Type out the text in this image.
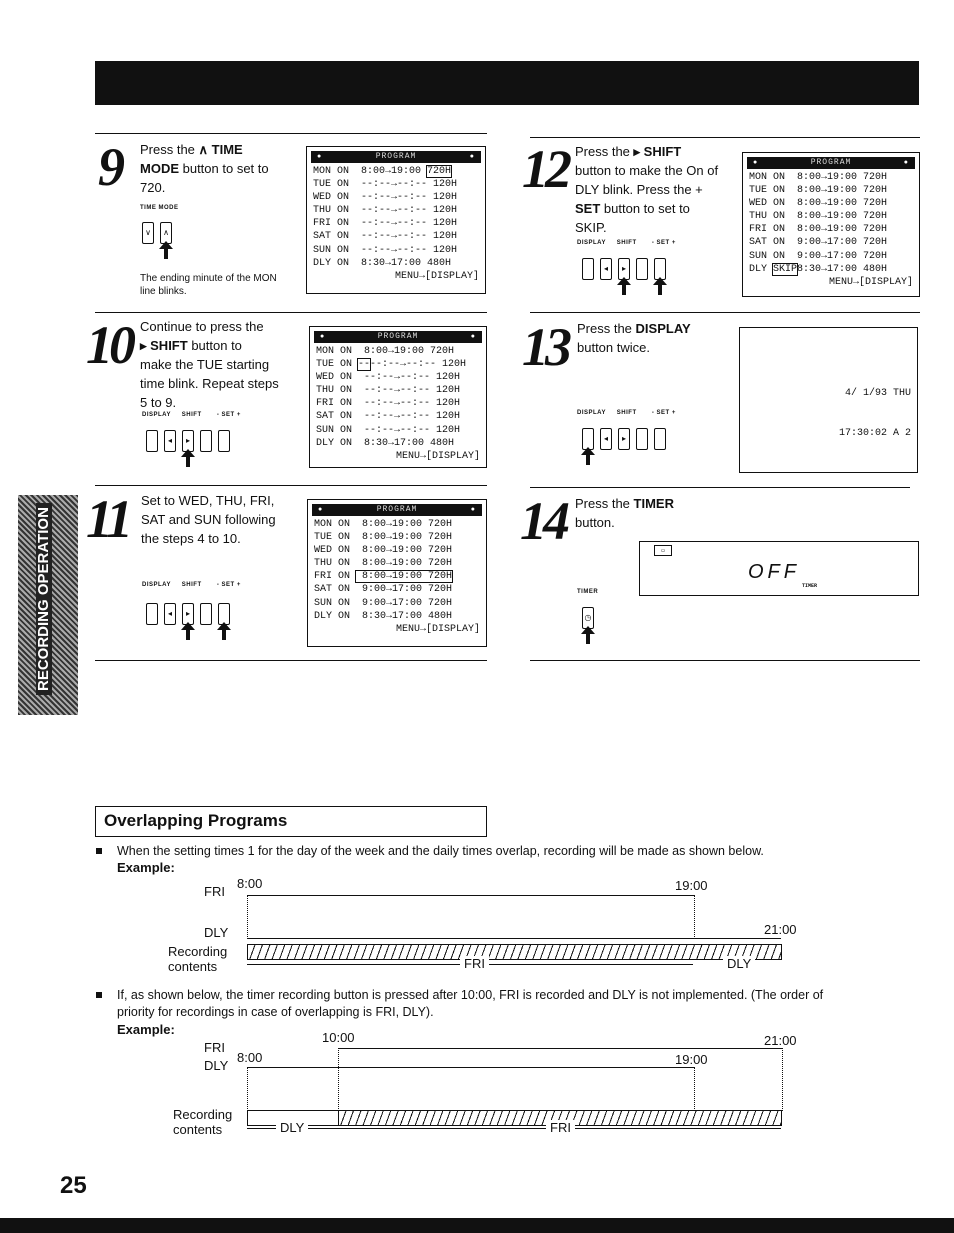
RECORDING OPERATION
9 Press the ∧ TIME
MODE button to set to
720.
TIME MODE
∨	∧
The ending minute of the MON
line blinks.
● PROGRAM ●
MON ON  8:00→19:00 720H
TUE ON  --:--→--:-- 120H
WED ON  --:--→--:-- 120H
THU ON  --:--→--:-- 120H
FRI ON  --:--→--:-- 120H
SAT ON  --:--→--:-- 120H
SUN ON  --:--→--:-- 120H
DLY ON  8:30→17:00 480H
MENU→[DISPLAY]
10 Continue to press the
▸ SHIFT button to
make the TUE starting
time blink. Repeat steps
5 to 9.
DISPLAY SHIFT	- SET +
◂	▸
● PROGRAM ●
MON ON  8:00→19:00 720H
TUE ON ----:--→--:-- 120H
WED ON  --:--→--:-- 120H
THU ON  --:--→--:-- 120H
FRI ON  --:--→--:-- 120H
SAT ON  --:--→--:-- 120H
SUN ON  --:--→--:-- 120H
DLY ON  8:30→17:00 480H
MENU→[DISPLAY]
11 Set to WED, THU, FRI,
SAT and SUN following
the steps 4 to 10.
DISPLAY SHIFT	- SET +
◂	▸
● PROGRAM ●
MON ON  8:00→19:00 720H
TUE ON  8:00→19:00 720H
WED ON  8:00→19:00 720H
THU ON  8:00→19:00 720H
FRI ON  8:00→19:00 720H
SAT ON  9:00→17:00 720H
SUN ON  9:00→17:00 720H
DLY ON  8:30→17:00 480H
MENU→[DISPLAY]
12 Press the ▸ SHIFT
button to make the On of
DLY blink. Press the +
SET button to set to
SKIP.
DISPLAY SHIFT	- SET +
◂	▸
● PROGRAM ●
MON ON  8:00→19:00 720H
TUE ON  8:00→19:00 720H
WED ON  8:00→19:00 720H
THU ON  8:00→19:00 720H
FRI ON  8:00→19:00 720H
SAT ON  9:00→17:00 720H
SUN ON  9:00→17:00 720H
DLY SKIP8:30→17:00 480H
MENU→[DISPLAY]
13 Press the DISPLAY
button twice.
DISPLAY SHIFT	- SET +
◂	▸

4/ 1/93 THU

17:30:02 A 2

14 Press the TIMER
button.
TIMER
◷
▭
OFF
TIMER
Overlapping Programs
When the setting times 1 for the day of the week and the daily times overlap, recording will be made as shown below.
Example:
FRI
8:00	19:00
DLY	21:00
Recording
contents	FRI	DLY
If, as shown below, the timer recording button is pressed after 10:00, FRI is recorded and DLY is not implemented. (The order of
priority for recordings in case of overlapping is FRI, DLY).
Example:
10:00	21:00
FRI
DLY
8:00	19:00
Recording
contents	DLY	FRI
25
